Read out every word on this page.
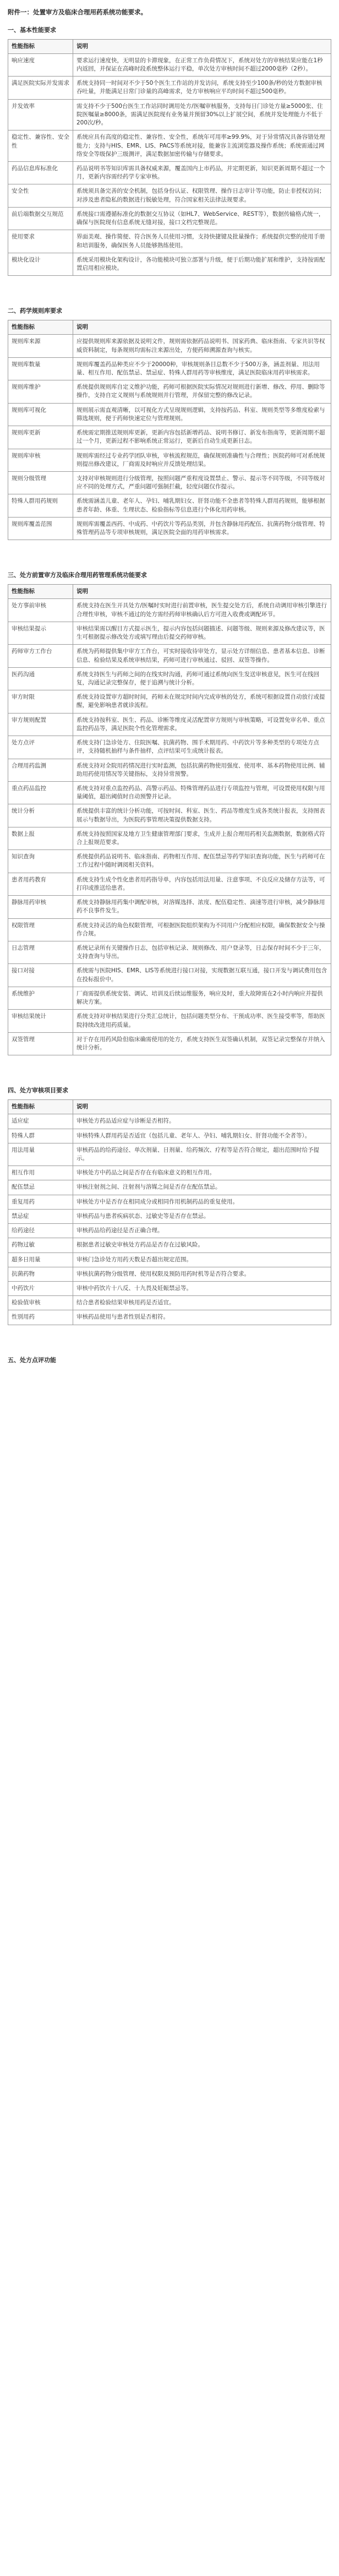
附件一：处置审方及临床合理用药系统功能要求。
一、基本性能要求
性能指标	说明
响应速度	要求运行速度快，无明显的卡滞现象，在正常工作负荷情况下，系统对处方的审核结果应能在1秒内返回，并保证在高峰时段系统整体运行平稳，单次处方审核时间不超过2000毫秒（2秒）。
满足医院实际并发需求	系统支持同一时间对不少于50个医生工作站的并发访问，系统支持至少100条/秒的处方数据审核吞吐量，并能满足日常门诊量的高峰需求，处方审核响应平均时间不超过500毫秒。
并发效率	需支持不少于500台医生工作站同时调用处方/医嘱审核服务，支持每日门诊处方量≥5000张、住院医嘱量≥8000条，需满足医院现有业务量并预留30%以上扩展空间，系统并发处理能力不低于200次/秒。
稳定性、兼容性、安全性	系统应具有高度的稳定性、兼容性、安全性，系统年可用率≥99.9%，对于异常情况具备容错处理能力；支持与HIS、EMR、LIS、PACS等系统对接，能兼容主流浏览器及操作系统；系统需通过网络安全等级保护三级测评，满足数据加密传输与存储要求。
药品信息库标准化	药品说明书等知识库需具备权威来源，覆盖国内上市药品，并定期更新，知识更新周期不超过一个月，更新内容需经药学专家审核。
安全性	系统须具备完善的安全机制，包括身份认证、权限管理、操作日志审计等功能，防止非授权访问；对涉及患者隐私的数据进行脱敏处理，符合国家相关法律法规要求。
前后端数据交互规范	系统接口需遵循标准化的数据交互协议（如HL7、WebService、REST等），数据传输格式统一，确保与医院现有信息系统无缝对接，接口文档完整规范。
使用要求	界面美观、操作简便、符合医务人员使用习惯，支持快捷键及批量操作；系统提供完整的使用手册和培训服务，确保医务人员能够熟练使用。
模块化设计	系统采用模块化架构设计，各功能模块可独立部署与升级，便于后期功能扩展和维护，支持按需配置启用相应模块。
二、药学规则库要求
性能指标	说明
规则库来源	应提供规则库来源依据及说明文件，规则需依据药品说明书、国家药典、临床指南、专家共识等权威资料制定，每条规则均需标注来源出处，方便药师溯源查询与核实。
规则库数量	规则库覆盖药品种类应不少于20000种，审核规则条目总数不少于500万条，涵盖剂量、用法用量、相互作用、配伍禁忌、禁忌症、特殊人群用药等审核维度，满足医院临床用药审核需求。
规则库维护	系统提供规则库自定义维护功能，药师可根据医院实际情况对规则进行新增、修改、停用、删除等操作，支持自定义规则与系统规则并行管理，并保留完整的修改记录。
规则库可视化	规则展示需直观清晰，以可视化方式呈现规则逻辑，支持按药品、科室、规则类型等多维度检索与筛选规则，便于药师快速定位与管理规则。
规则库更新	系统需定期推送规则库更新，更新内容包括新增药品、说明书修订、新发布指南等，更新周期不超过一个月，更新过程不影响系统正常运行，更新后自动生成更新日志。
规则库审核	规则库需经过专业药学团队审核，审核流程规范，确保规则准确性与合理性；医院药师可对系统规则提出修改建议，厂商需及时响应并反馈处理结果。
规则分级管理	支持对审核规则进行分级管理，按照问题严重程度设置禁止、警示、提示等不同等级，不同等级对应不同的处理方式，严重问题可强制拦截，轻度问题仅作提示。
特殊人群用药规则	系统需涵盖儿童、老年人、孕妇、哺乳期妇女、肝肾功能不全患者等特殊人群用药规则，能够根据患者年龄、体重、生理状态、检验指标等信息进行个体化用药审核。
规则库覆盖范围	规则库需覆盖西药、中成药、中药饮片等药品类别，并包含静脉用药配伍、抗菌药物分级管理、特殊管理药品等专项审核规则，满足医院全面的用药审核需求。
三、处方前置审方及临床合理用药管理系统功能要求
性能指标	说明
处方事前审核	系统支持在医生开具处方/医嘱时实时进行前置审核，医生提交处方后，系统自动调用审核引擎进行合理性审核，审核不通过的处方需经药师审核确认后方可进入收费或调配环节。
审核结果提示	审核结果需以醒目方式提示医生，提示内容包括问题描述、问题等级、规则来源及修改建议等，医生可根据提示修改处方或填写理由后提交药师审核。
药师审方工作台	系统为药师提供集中审方工作台，可实时接收待审处方，显示处方详细信息、患者基本信息、诊断信息、检验结果及系统审核结果，药师可进行审核通过、驳回、双签等操作。
医药沟通	系统支持医生与药师之间的在线实时沟通，药师可通过系统向医生发送审核意见，医生可在线回复，沟通记录完整保存，便于追溯与统计分析。
审方时限	系统支持设置审方超时时间，药师未在规定时间内完成审核的处方，系统可根据设置自动放行或提醒，避免影响患者就诊流程。
审方规则配置	系统支持按科室、医生、药品、诊断等维度灵活配置审方规则与审核策略，可设置免审名单、重点监控药品等，满足医院个性化管理需求。
处方点评	系统支持门急诊处方、住院医嘱、抗菌药物、围手术期用药、中药饮片等多种类型的专项处方点评，支持随机抽样与条件抽样，点评结果可生成统计报表。
合理用药监测	系统支持对全院用药情况进行实时监测，包括抗菌药物使用强度、使用率、基本药物使用比例、辅助用药使用情况等关键指标，支持异常预警。
重点药品监控	系统支持对重点监控药品、高警示药品、特殊管理药品进行专项监控与管理，可设置使用权限与用量阈值，超出阈值时自动预警并记录。
统计分析	系统提供丰富的统计分析功能，可按时间、科室、医生、药品等维度生成各类统计报表，支持图表展示与数据导出，为医院药事管理决策提供数据支持。
数据上报	系统支持按照国家及地方卫生健康管理部门要求，生成并上报合理用药相关监测数据，数据格式符合上报规范要求。
知识查询	系统提供药品说明书、临床指南、药物相互作用、配伍禁忌等药学知识查询功能，医生与药师可在工作过程中随时调阅相关资料。
患者用药教育	系统支持生成个性化患者用药指导单，内容包括用法用量、注意事项、不良反应及储存方法等，可打印或推送给患者。
静脉用药审核	系统支持静脉用药集中调配审核，对溶媒选择、浓度、配伍稳定性、滴速等进行审核，减少静脉用药不良事件发生。
权限管理	系统支持灵活的角色权限管理，可根据医院组织架构为不同用户分配相应权限，确保数据安全与操作合规。
日志管理	系统记录所有关键操作日志，包括审核记录、规则修改、用户登录等，日志保存时间不少于三年，支持查询与导出。
接口对接	系统需与医院HIS、EMR、LIS等系统进行接口对接，实现数据互联互通，接口开发与调试费用包含在投标报价中。
系统维护	厂商需提供系统安装、调试、培训及后续运维服务，响应及时，重大故障需在2小时内响应并提供解决方案。
审核结果统计	系统支持对审核结果进行分类汇总统计，包括问题类型分布、干预成功率、医生接受率等，帮助医院持续改进用药质量。
双签管理	对于存在用药风险但临床确需使用的处方，系统支持医生双签确认机制，双签记录完整保存并纳入统计分析。
四、处方审核项目要求
性能指标	说明
适应症	审核处方药品适应症与诊断是否相符。
特殊人群	审核特殊人群用药是否适宜（包括儿童、老年人、孕妇、哺乳期妇女、肝肾功能不全者等）。
用法用量	审核药品的给药途径、单次剂量、日剂量、给药频次、疗程等是否符合规定，超出范围时给予提示。
相互作用	审核处方中药品之间是否存在有临床意义的相互作用。
配伍禁忌	审核注射剂之间、注射剂与溶媒之间是否存在配伍禁忌。
重复用药	审核处方中是否存在相同成分或相同作用机制药品的重复使用。
禁忌症	审核药品与患者疾病状态、过敏史等是否存在禁忌。
给药途径	审核药品给药途径是否正确合理。
药物过敏	根据患者过敏史审核处方药品是否存在过敏风险。
超多日用量	审核门急诊处方用药天数是否超出规定范围。
抗菌药物	审核抗菌药物分级管理、使用权限及预防用药时机等是否符合要求。
中药饮片	审核中药饮片十八反、十九畏及妊娠禁忌等。
检验值审核	结合患者检验结果审核用药是否适宜。
性别用药	审核药品使用与患者性别是否相符。
五、处方点评功能
